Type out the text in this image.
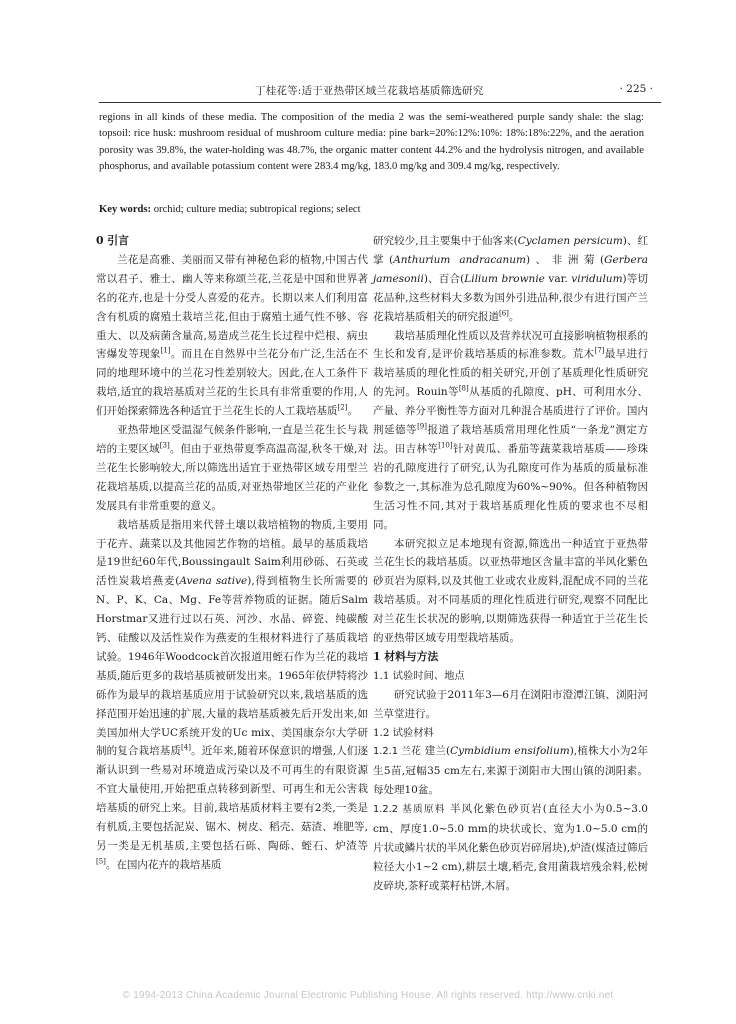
丁桂花等:适于亚热带区域兰花栽培基质筛选研究	· 225 ·

regions in all kinds of these media. The composition of the media 2 was the semi-weathered purple sandy shale: the slag: topsoil: rice husk: mushroom residual of mushroom culture media: pine bark=20%:12%:10%: 18%:18%:22%, and the aeration porosity was 39.8%, the water-holding was 48.7%, the organic matter content 44.2% and the hydrolysis nitrogen, and available phosphorus, and available potassium content were 283.4 mg/kg, 183.0 mg/kg and 309.4 mg/kg, respectively.

Key words: orchid; culture media; subtropical regions; select

0 引言

兰花是高雅、美丽而又带有神秘色彩的植物,中国古代常以君子、雅士、幽人等来称颂兰花,兰花是中国和世界著名的花卉,也是十分受人喜爱的花卉。长期以来人们利用富含有机质的腐殖土栽培兰花,但由于腐殖土通气性不够、容重大、以及病菌含量高,易造成兰花生长过程中烂根、病虫害爆发等现象[1]。而且在自然界中兰花分布广泛,生活在不同的地理环境中的兰花习性差别较大。因此,在人工条件下栽培,适宜的栽培基质对兰花的生长具有非常重要的作用,人们开始探索筛选各种适宜于兰花生长的人工栽培基质[2]。

亚热带地区受温湿气候条件影响,一直是兰花生长与栽培的主要区域[3]。但由于亚热带夏季高温高湿,秋冬干燥,对兰花生长影响较大,所以筛选出适宜于亚热带区域专用型兰花栽培基质,以提高兰花的品质,对亚热带地区兰花的产业化发展具有非常重要的意义。

栽培基质是指用来代替土壤以栽培植物的物质,主要用于花卉、蔬菜以及其他园艺作物的培植。最早的基质栽培是19世纪60年代,Boussingault Saim利用砂砾、石英或活性炭栽培燕麦(Avena sative),得到植物生长所需要的N、P、K、Ca、Mg、Fe等营养物质的证据。随后Salm Horstmar又进行过以石英、河沙、水晶、碎瓷、纯碳酸钙、硅酸以及活性炭作为燕麦的生根材料进行了基质栽培试验。1946年Woodcock首次报道用蛭石作为兰花的栽培基质,随后更多的栽培基质被研发出来。1965年依伊特将沙砾作为最早的栽培基质应用于试验研究以来,栽培基质的选择范围开始迅速的扩展,大量的栽培基质被先后开发出来,如美国加州大学UC系统开发的Uc mix、美国康奈尔大学研制的复合栽培基质[4]。近年来,随着环保意识的增强,人们逐渐认识到一些易对环境造成污染以及不可再生的有限资源不宜大量使用,开始把重点转移到新型、可再生和无公害栽培基质的研究上来。目前,栽培基质材料主要有2类,一类是有机质,主要包括泥炭、锯木、树皮、稻壳、菇渣、堆肥等,另一类是无机基质,主要包括石砾、陶砾、蛭石、炉渣等[5]。在国内花卉的栽培基质

研究较少,且主要集中于仙客来(Cyclamen persicum)、红掌(Anthurium andracanum)、非洲菊(Gerbera jamesonii)、百合(Lilium brownie var. viridulum)等切花品种,这些材料大多数为国外引进品种,很少有进行国产兰花栽培基质相关的研究报道[6]。

栽培基质理化性质以及营养状况可直接影响植物根系的生长和发育,是评价栽培基质的标准参数。荒木[7]最早进行栽培基质的理化性质的相关研究,开创了基质理化性质研究的先河。Rouin等[8]从基质的孔隙度、pH、可利用水分、产量、养分平衡性等方面对几种混合基质进行了评价。国内荆延德等[9]报道了栽培基质常用理化性质“一条龙”测定方法。田吉林等[10]针对黄瓜、番茄等蔬菜栽培基质——珍珠岩的孔隙度进行了研究,认为孔隙度可作为基质的质量标准参数之一,其标准为总孔隙度为60%~90%。但各种植物因生活习性不同,其对于栽培基质理化性质的要求也不尽相同。

本研究拟立足本地现有资源,筛选出一种适宜于亚热带兰花生长的栽培基质。以亚热带地区含量丰富的半风化紫色砂页岩为原料,以及其他工业或农业废料,混配成不同的兰花栽培基质。对不同基质的理化性质进行研究,观察不同配比对兰花生长状况的影响,以期筛选获得一种适宜于兰花生长的亚热带区域专用型栽培基质。

1 材料与方法

1.1 试验时间、地点

研究试验于2011年3—6月在浏阳市澄潭江镇、浏阳河兰草堂进行。

1.2 试验材料

1.2.1 兰花 建兰(Cymbidium ensifolium),植株大小为2年生5苗,冠幅35 cm左右,来源于浏阳市大围山镇的浏阳素。每处理10盆。

1.2.2 基质原料 半风化紫色砂页岩(直径大小为0.5~3.0 cm、厚度1.0~5.0 mm的块状或长、宽为1.0~5.0 cm的片状或鳞片状的半风化紫色砂页岩碎屑块),炉渣(煤渣过筛后粒径大小1~2 cm),耕层土壤,稻壳,食用菌栽培残余料,松树皮碎块,茶籽或菜籽枯饼,木屑。

© 1994-2013 China Academic Journal Electronic Publishing House. All rights reserved. http://www.cnki.net
